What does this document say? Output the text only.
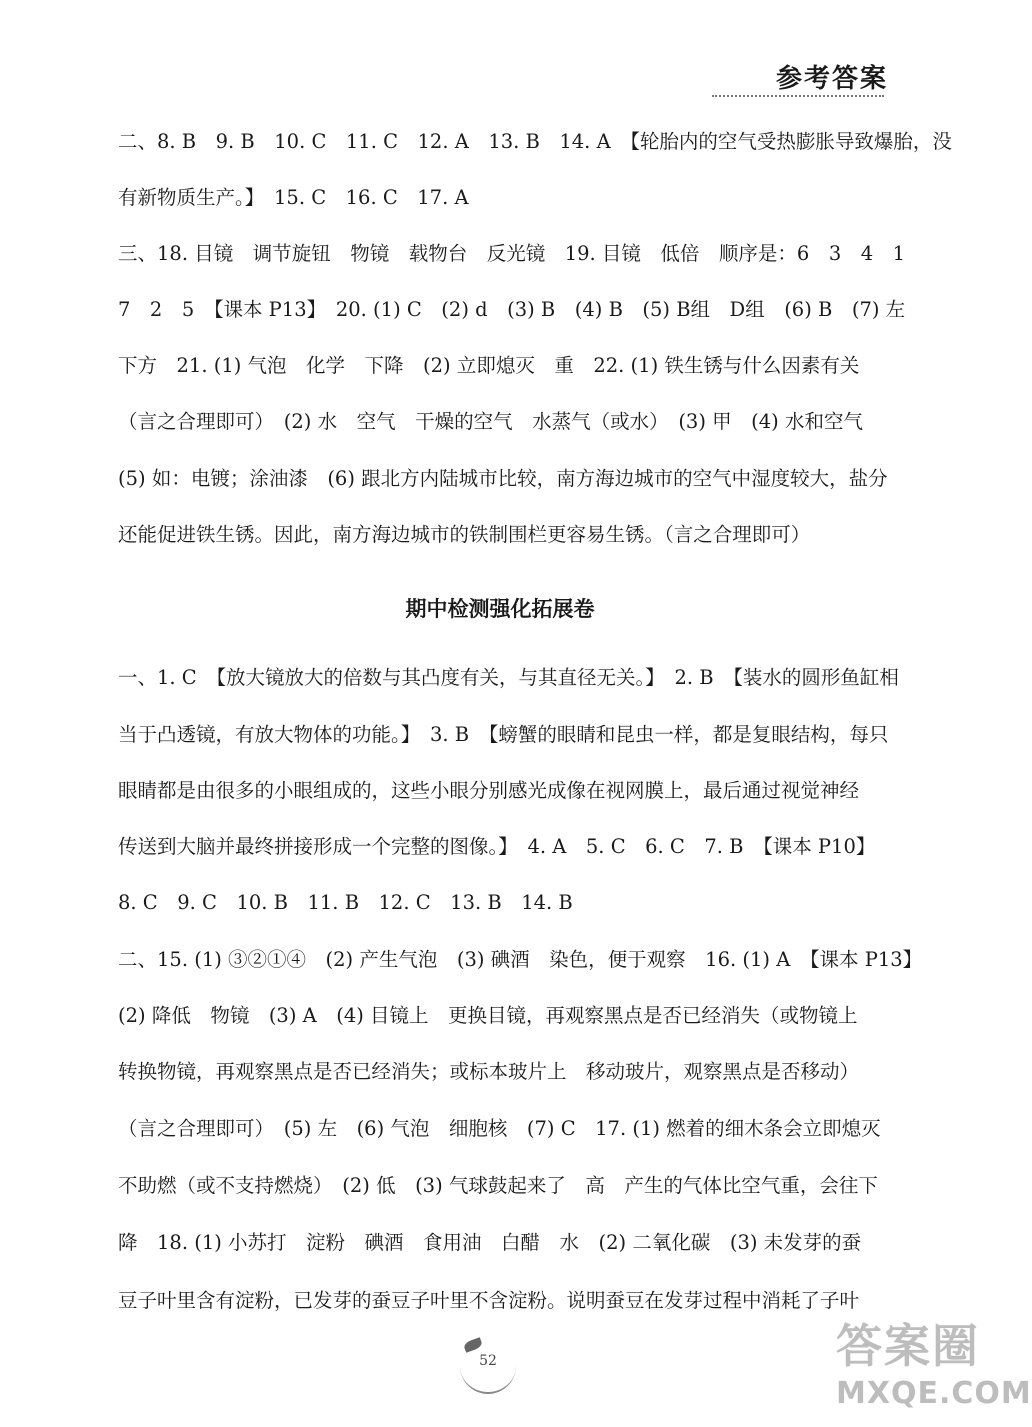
参考答案
二、8. B　9. B　10. C　11. C　12. A　13. B　14. A　【轮胎内的空气受热膨胀导致爆胎，没
有新物质生产。】　15. C　16. C　17. A
三、18. 目镜　调节旋钮　物镜　载物台　反光镜　19. 目镜　低倍　顺序是：6　3　4　1
7　2　5　【课本 P13】　20. (1) C　(2) d　(3) B　(4) B　(5) B组　D组　(6) B　(7) 左
下方　21. (1) 气泡　化学　下降　(2) 立即熄灭　重　22. (1) 铁生锈与什么因素有关
（言之合理即可）　(2) 水　空气　干燥的空气　水蒸气（或水）　(3) 甲　(4) 水和空气
(5) 如：电镀；涂油漆　(6) 跟北方内陆城市比较，南方海边城市的空气中湿度较大，盐分
还能促进铁生锈。因此，南方海边城市的铁制围栏更容易生锈。（言之合理即可）
期中检测强化拓展卷
一、1. C　【放大镜放大的倍数与其凸度有关，与其直径无关。】　2. B　【装水的圆形鱼缸相
当于凸透镜，有放大物体的功能。】　3. B　【螃蟹的眼睛和昆虫一样，都是复眼结构，每只
眼睛都是由很多的小眼组成的，这些小眼分别感光成像在视网膜上，最后通过视觉神经
传送到大脑并最终拼接形成一个完整的图像。】　4. A　5. C　6. C　7. B　【课本 P10】
8. C　9. C　10. B　11. B　12. C　13. B　14. B
二、15. (1) ③②①④　(2) 产生气泡　(3) 碘酒　染色，便于观察　16. (1) A　【课本 P13】
(2) 降低　物镜　(3) A　(4) 目镜上　更换目镜，再观察黑点是否已经消失（或物镜上
转换物镜，再观察黑点是否已经消失；或标本玻片上　移动玻片，观察黑点是否移动）
（言之合理即可）　(5) 左　(6) 气泡　细胞核　(7) C　17. (1) 燃着的细木条会立即熄灭
不助燃（或不支持燃烧）　(2) 低　(3) 气球鼓起来了　高　产生的气体比空气重，会往下
降　18. (1) 小苏打　淀粉　碘酒　食用油　白醋　水　(2) 二氧化碳　(3) 未发芽的蚕
豆子叶里含有淀粉，已发芽的蚕豆子叶里不含淀粉。说明蚕豆在发芽过程中消耗了子叶
52	答案圈
MXQE.COM
